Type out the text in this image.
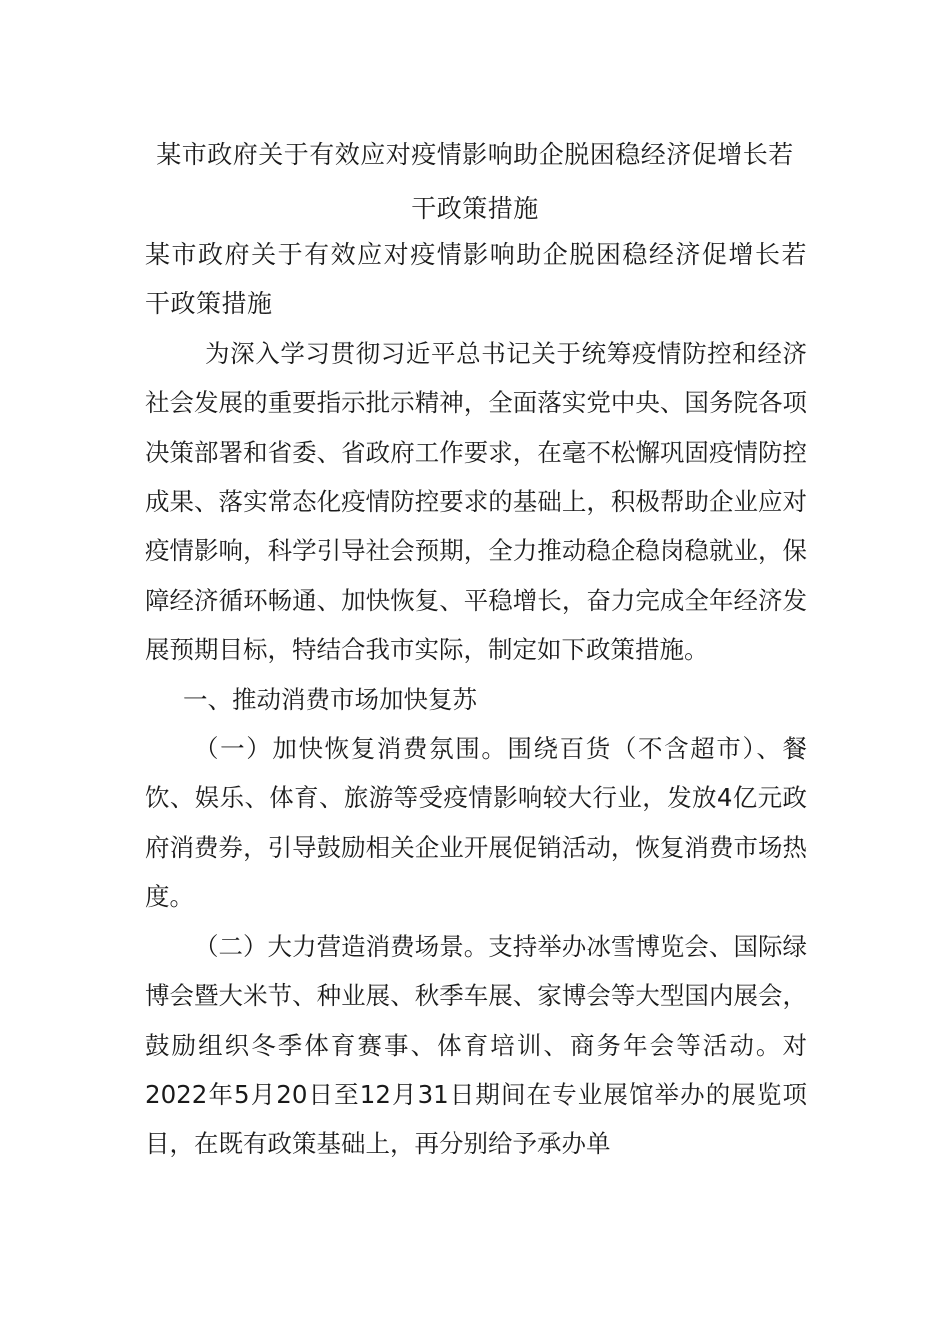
某市政府关于有效应对疫情影响助企脱困稳经济促增长若
干政策措施

某市政府关于有效应对疫情影响助企脱困稳经济促增长若干政策措施

为深入学习贯彻习近平总书记关于统筹疫情防控和经济社会发展的重要指示批示精神，全面落实党中央、国务院各项决策部署和省委、省政府工作要求，在毫不松懈巩固疫情防控成果、落实常态化疫情防控要求的基础上，积极帮助企业应对疫情影响，科学引导社会预期，全力推动稳企稳岗稳就业，保障经济循环畅通、加快恢复、平稳增长，奋力完成全年经济发展预期目标，特结合我市实际，制定如下政策措施。

一、推动消费市场加快复苏

（一）加快恢复消费氛围。围绕百货（不含超市）、餐饮、娱乐、体育、旅游等受疫情影响较大行业，发放4亿元政府消费券，引导鼓励相关企业开展促销活动，恢复消费市场热度。

（二）大力营造消费场景。支持举办冰雪博览会、国际绿博会暨大米节、种业展、秋季车展、家博会等大型国内展会，鼓励组织冬季体育赛事、体育培训、商务年会等活动。对2022年5月20日至12月31日期间在专业展馆举办的展览项目，在既有政策基础上，再分别给予承办单
